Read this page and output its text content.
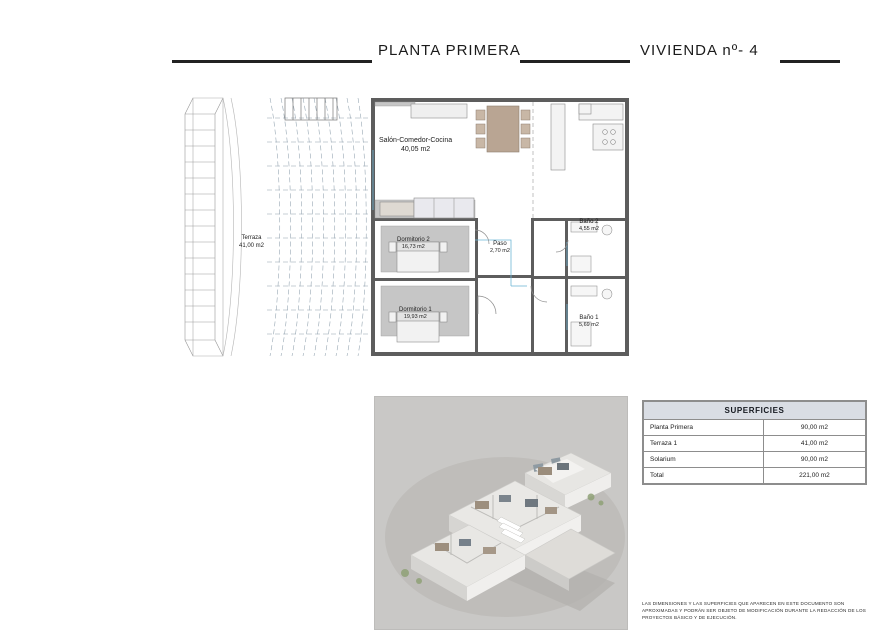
PLANTA PRIMERA	VIVIENDA nº- 4
Terraza
41,00 m2
Salón-Comedor-Cocina
40,05 m2
Dormitorio 2
16,73 m2
Dormitorio 1
19,93 m2
Paso
2,70 m2
Baño 2
4,55 m2
Baño 1
5,69 m2
SUPERFICIES	
Planta Primera	90,00 m2
Terraza 1	41,00 m2
Solarium	90,00 m2
Total	221,00 m2
LAS DIMENSIONES Y LAS SUPERFICIES QUE APARECEN EN ESTE DOCUMENTO SON APROXIMADAS Y PODRÁN SER OBJETO DE MODIFICACIÓN DURANTE LA REDACCIÓN DE LOS PROYECTOS BÁSICO Y DE EJECUCIÓN.
